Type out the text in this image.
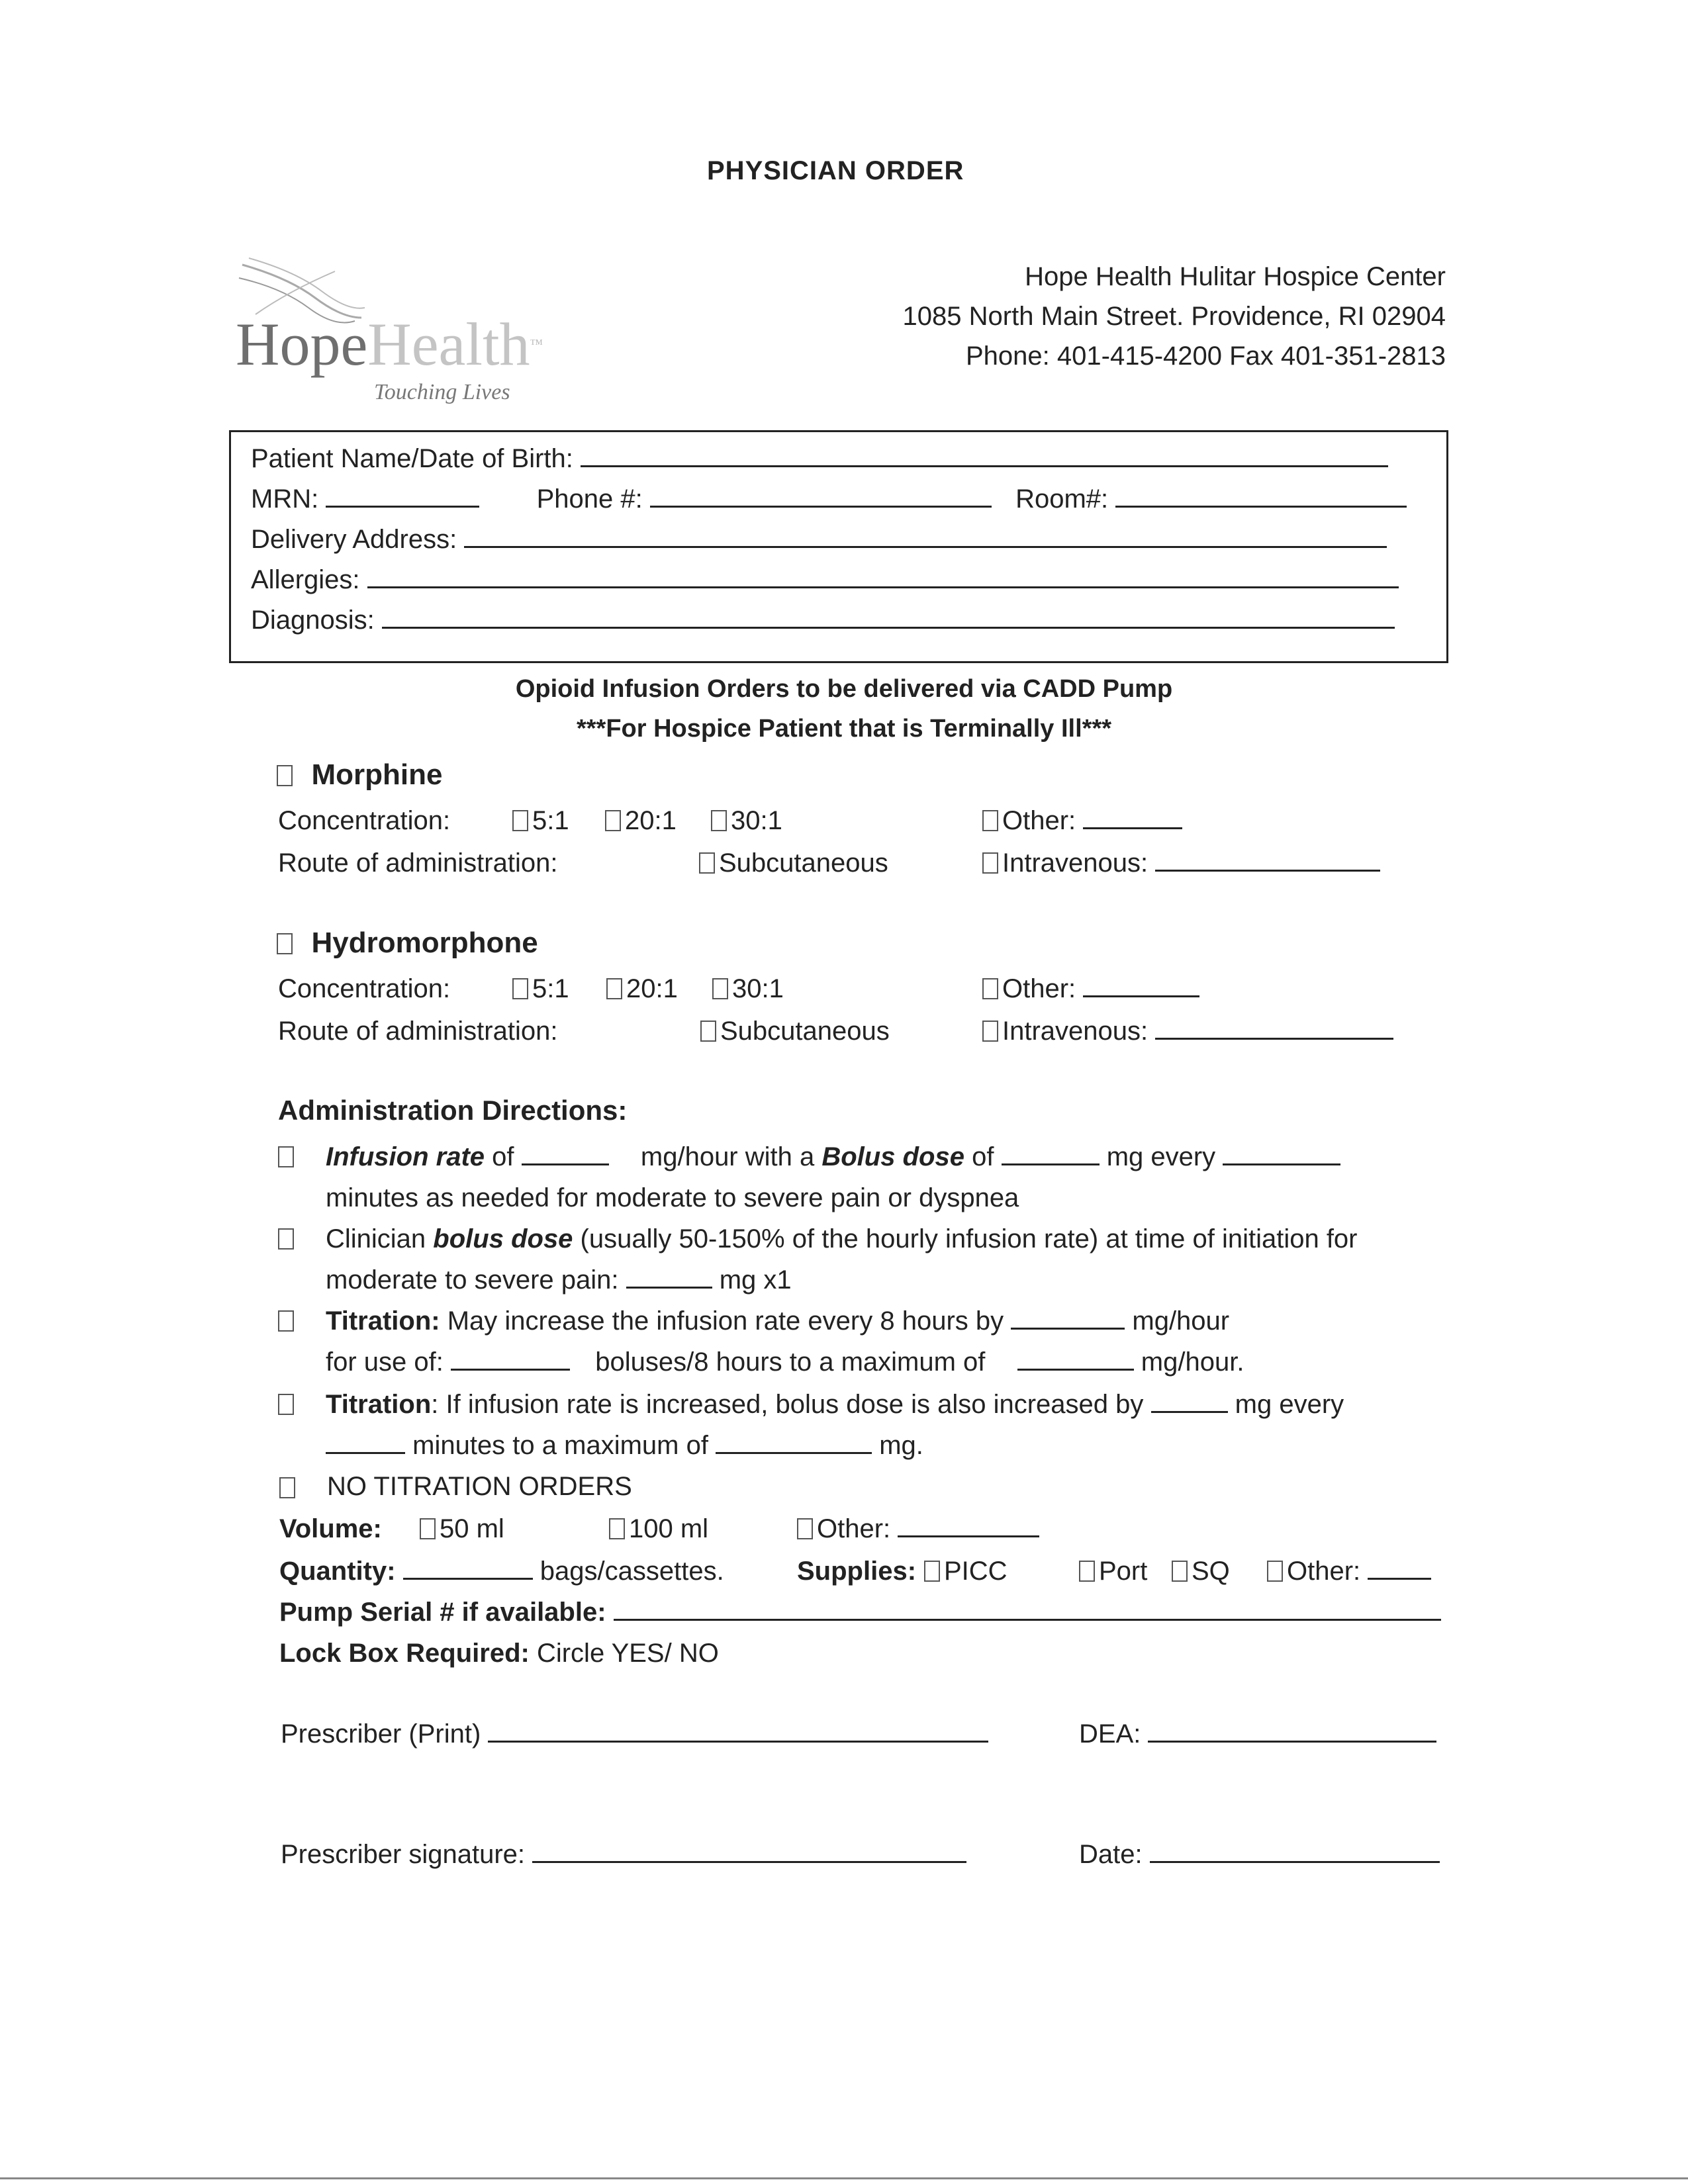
PHYSICIAN ORDER
HopeHealth™
Touching Lives
Hope Health Hulitar Hospice Center
1085 North Main Street. Providence, RI 02904
Phone: 401-415-4200 Fax 401-351-2813
Patient Name/Date of Birth:
MRN:	Phone #:	Room#:
Delivery Address:
Allergies:
Diagnosis:
Opioid Infusion Orders to be delivered via CADD Pump
***For Hospice Patient that is Terminally Ill***
Morphine
Concentration:	5:1	20:1	30:1	Other:
Route of administration:	Subcutaneous	Intravenous:
Hydromorphone
Concentration:	5:1	20:1	30:1	Other:
Route of administration:	Subcutaneous	Intravenous:
Administration Directions:
Infusion rate of	mg/hour with a Bolus dose of	mg every
minutes as needed for moderate to severe pain or dyspnea
Clinician bolus dose (usually 50-150% of the hourly infusion rate) at time of initiation for
moderate to severe pain:	mg x1
Titration: May increase the infusion rate every 8 hours by	mg/hour
for use of:	boluses/8 hours to a maximum of	mg/hour.
Titration: If infusion rate is increased, bolus dose is also increased by	mg every
minutes to a maximum of	mg.
NO TITRATION ORDERS
Volume:	50 ml	100 ml	Other:
Quantity:	bags/cassettes.	Supplies:	PICC	Port	SQ	Other:
Pump Serial # if available:
Lock Box Required: Circle YES/ NO
Prescriber (Print)	DEA:
Prescriber signature:	Date:
